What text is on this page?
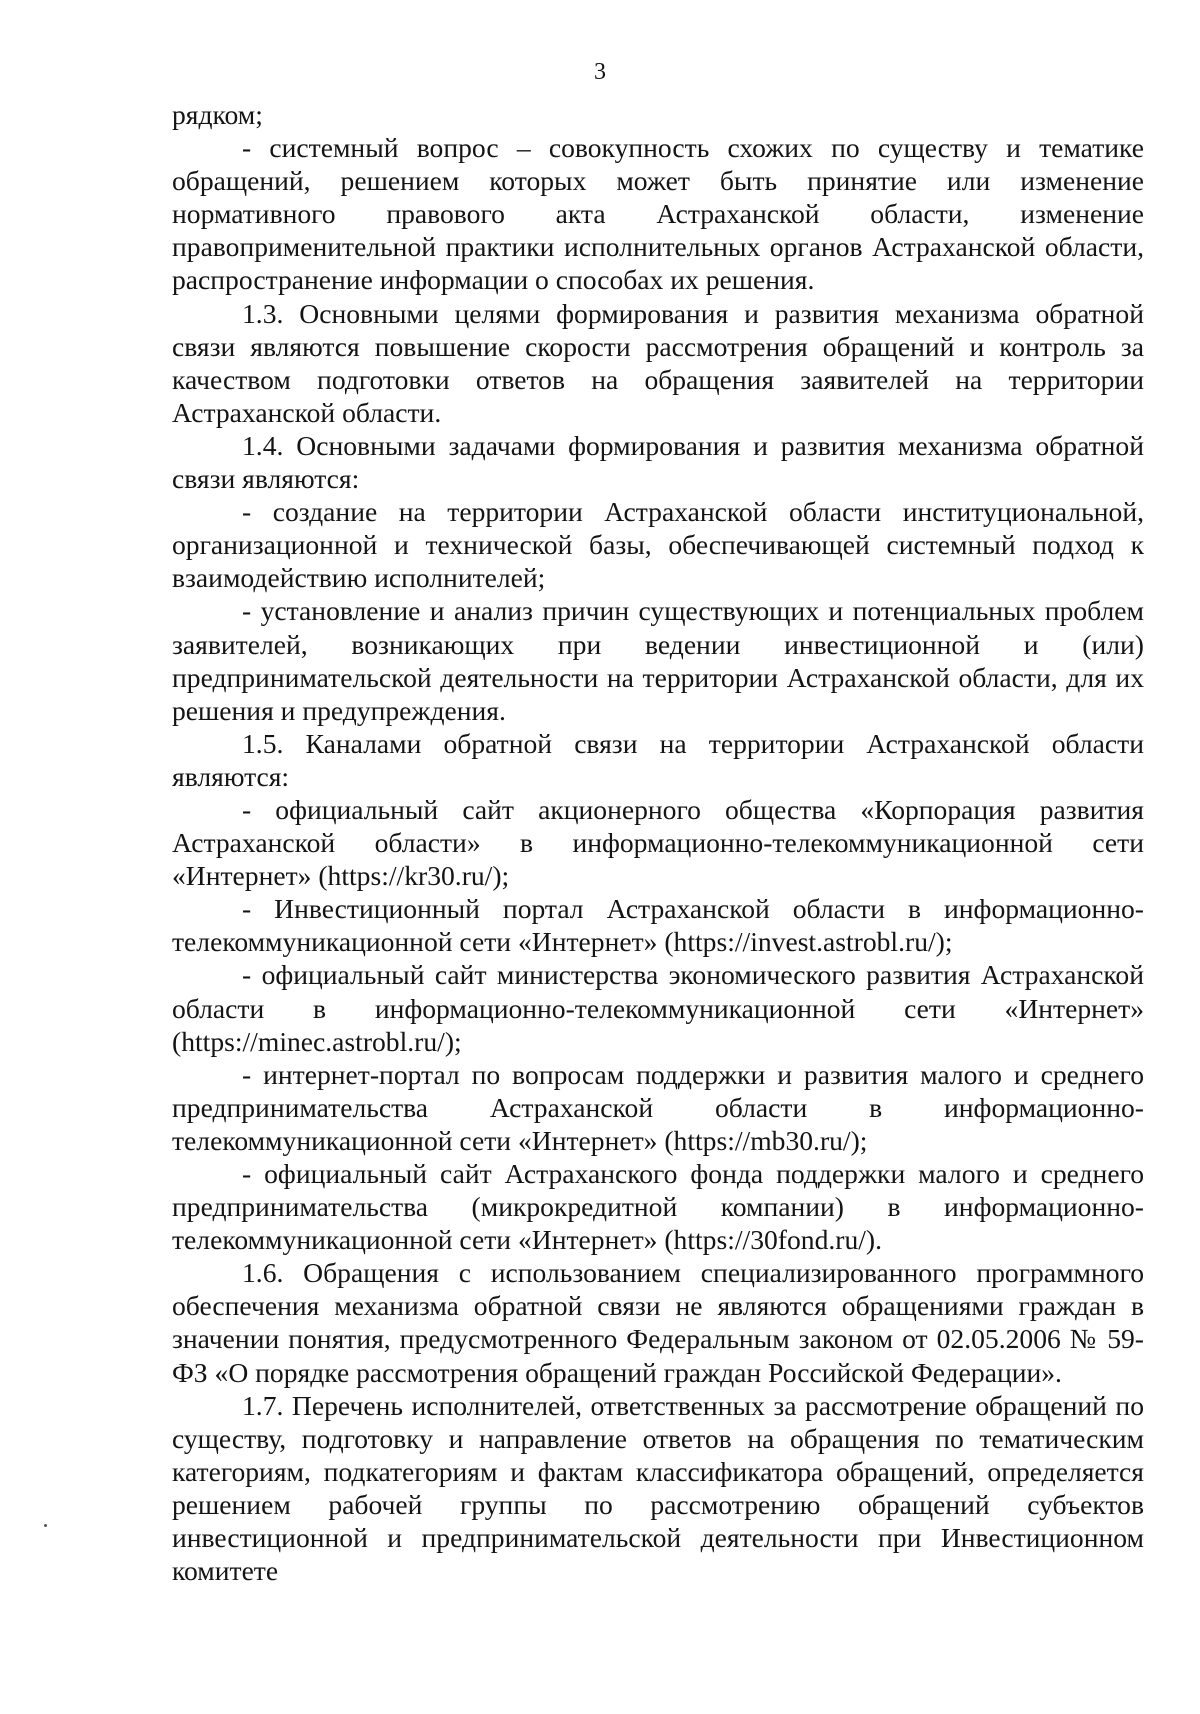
3

рядком;

- системный вопрос – совокупность схожих по существу и тематике обращений, решением которых может быть принятие или изменение нормативного правового акта Астраханской области, изменение правоприменительной практики исполнительных органов Астраханской области, распространение информации о способах их решения.

1.3. Основными целями формирования и развития механизма обратной связи являются повышение скорости рассмотрения обращений и контроль за качеством подготовки ответов на обращения заявителей на территории Астраханской области.

1.4. Основными задачами формирования и развития механизма обратной связи являются:

- создание на территории Астраханской области институциональной, организационной и технической базы, обеспечивающей системный подход к взаимодействию исполнителей;

- установление и анализ причин существующих и потенциальных проблем заявителей, возникающих при ведении инвестиционной и (или) предпринимательской деятельности на территории Астраханской области, для их решения и предупреждения.

1.5. Каналами обратной связи на территории Астраханской области являются:

- официальный сайт акционерного общества «Корпорация развития Астраханской области» в информационно-телекоммуникационной сети «Интернет» (https://kr30.ru/);

- Инвестиционный портал Астраханской области в информационно-телекоммуникационной сети «Интернет» (https://invest.astrobl.ru/);

- официальный сайт министерства экономического развития Астраханской области в информационно-телекоммуникационной сети «Интернет» (https://minec.astrobl.ru/);

- интернет-портал по вопросам поддержки и развития малого и среднего предпринимательства Астраханской области в информационно-телекоммуникационной сети «Интернет» (https://mb30.ru/);

- официальный сайт Астраханского фонда поддержки малого и среднего предпринимательства (микрокредитной компании) в информационно-телекоммуникационной сети «Интернет» (https://30fond.ru/).

1.6. Обращения с использованием специализированного программного обеспечения механизма обратной связи не являются обращениями граждан в значении понятия, предусмотренного Федеральным законом от 02.05.2006 № 59-ФЗ «О порядке рассмотрения обращений граждан Российской Федерации».

1.7. Перечень исполнителей, ответственных за рассмотрение обращений по существу, подготовку и направление ответов на обращения по тематическим категориям, подкатегориям и фактам классификатора обращений, определяется решением рабочей группы по рассмотрению обращений субъектов инвестиционной и предпринимательской деятельности при Инвестиционном комитете
